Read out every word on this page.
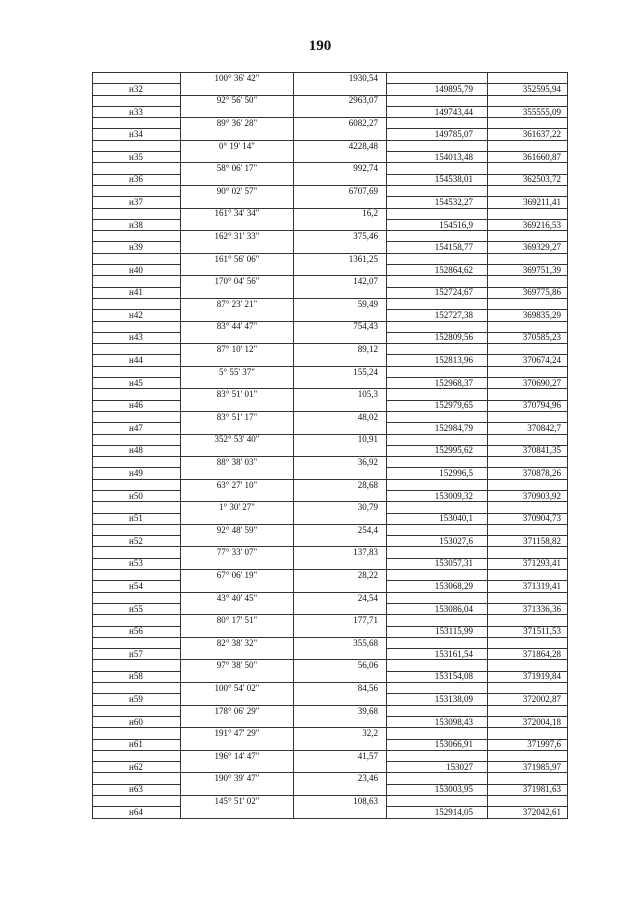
190
	100° 36' 42"	1930,54		
н32			149895,79	352595,94
	92° 56' 50"	2963,07		
н33			149743,44	355555,09
	89° 36' 28"	6082,27		
н34			149785,07	361637,22
	0° 19' 14"	4228,48		
н35			154013,48	361660,87
	58° 06' 17"	992,74		
н36			154538,01	362503,72
	90° 02' 57"	6707,69		
н37			154532,27	369211,41
	161° 34' 34"	16,2		
н38			154516,9	369216,53
	162° 31' 33"	375,46		
н39			154158,77	369329,27
	161° 56' 06"	1361,25		
н40			152864,62	369751,39
	170° 04' 56"	142,07		
н41			152724,67	369775,86
	87° 23' 21"	59,49		
н42			152727,38	369835,29
	83° 44' 47"	754,43		
н43			152809,56	370585,23
	87° 10' 12"	89,12		
н44			152813,96	370674,24
	5° 55' 37"	155,24		
н45			152968,37	370690,27
	83° 51' 01"	105,3		
н46			152979,65	370794,96
	83° 51' 17"	48,02		
н47			152984,79	370842,7
	352° 53' 40"	10,91		
н48			152995,62	370841,35
	88° 38' 03"	36,92		
н49			152996,5	370878,26
	63° 27' 10"	28,68		
н50			153009,32	370903,92
	1° 30' 27"	30,79		
н51			153040,1	370904,73
	92° 48' 59"	254,4		
н52			153027,6	371158,82
	77° 33' 07"	137,83		
н53			153057,31	371293,41
	67° 06' 19"	28,22		
н54			153068,29	371319,41
	43° 40' 45"	24,54		
н55			153086,04	371336,36
	80° 17' 51"	177,71		
н56			153115,99	371511,53
	82° 38' 32"	355,68		
н57			153161,54	371864,28
	97° 38' 50"	56,06		
н58			153154,08	371919,84
	100° 54' 02"	84,56		
н59			153138,09	372002,87
	178° 06' 29"	39,68		
н60			153098,43	372004,18
	191° 47' 29"	32,2		
н61			153066,91	371997,6
	196° 14' 47"	41,57		
н62			153027	371985,97
	190° 39' 47"	23,46		
н63			153003,95	371981,63
	145° 51' 02"	108,63		
н64			152914,05	372042,61
